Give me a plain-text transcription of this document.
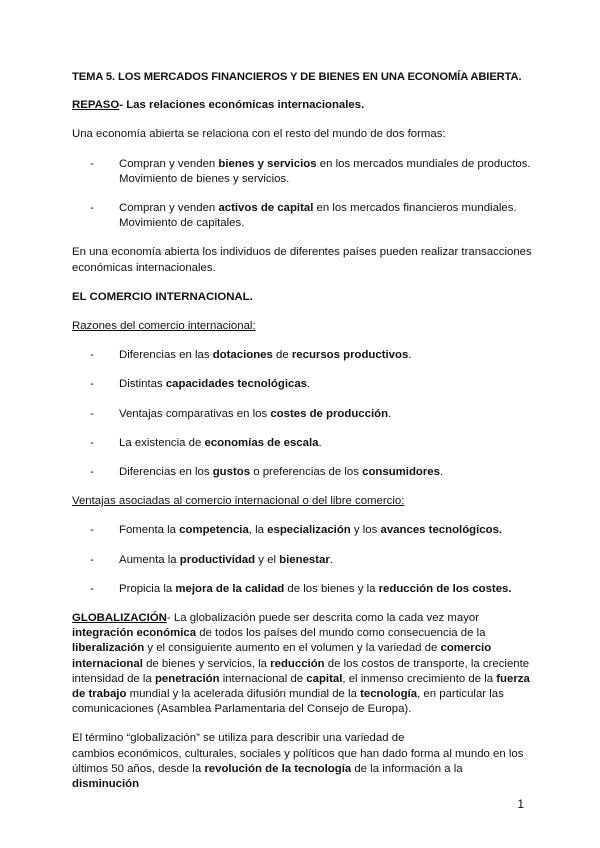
TEMA 5. LOS MERCADOS FINANCIEROS Y DE BIENES EN UNA ECONOMÍA ABIERTA.

REPASO- Las relaciones económicas internacionales.

Una economía abierta se relaciona con el resto del mundo de dos formas:

- Compran y venden bienes y servicios en los mercados mundiales de productos. Movimiento de bienes y servicios.
- Compran y venden activos de capital en los mercados financieros mundiales. Movimiento de capitales.

En una economía abierta los individuos de diferentes países pueden realizar transacciones económicas internacionales.

EL COMERCIO INTERNACIONAL.

Razones del comercio internacional:

- Diferencias en las dotaciones de recursos productivos.
- Distintas capacidades tecnológicas.
- Ventajas comparativas en los costes de producción.
- La existencia de economías de escala.
- Diferencias en los gustos o preferencias de los consumidores.

Ventajas asociadas al comercio internacional o del libre comercio:

- Fomenta la competencia, la especialización y los avances tecnológicos.
- Aumenta la productividad y el bienestar.
- Propicia la mejora de la calidad de los bienes y la reducción de los costes.

GLOBALIZACIÓN- La globalización puede ser descrita como la cada vez mayor integración económica de todos los países del mundo como consecuencia de la liberalización y el consiguiente aumento en el volumen y la variedad de comercio internacional de bienes y servicios, la reducción de los costos de transporte, la creciente intensidad de la penetración internacional de capital, el inmenso crecimiento de la fuerza de trabajo mundial y la acelerada difusión mundial de la tecnología, en particular las comunicaciones (Asamblea Parlamentaria del Consejo de Europa).

El término “globalización” se utiliza para describir una variedad de
cambios económicos, culturales, sociales y políticos que han dado forma al mundo en los últimos 50 años, desde la revolución de la tecnología de la información a la disminución

1
